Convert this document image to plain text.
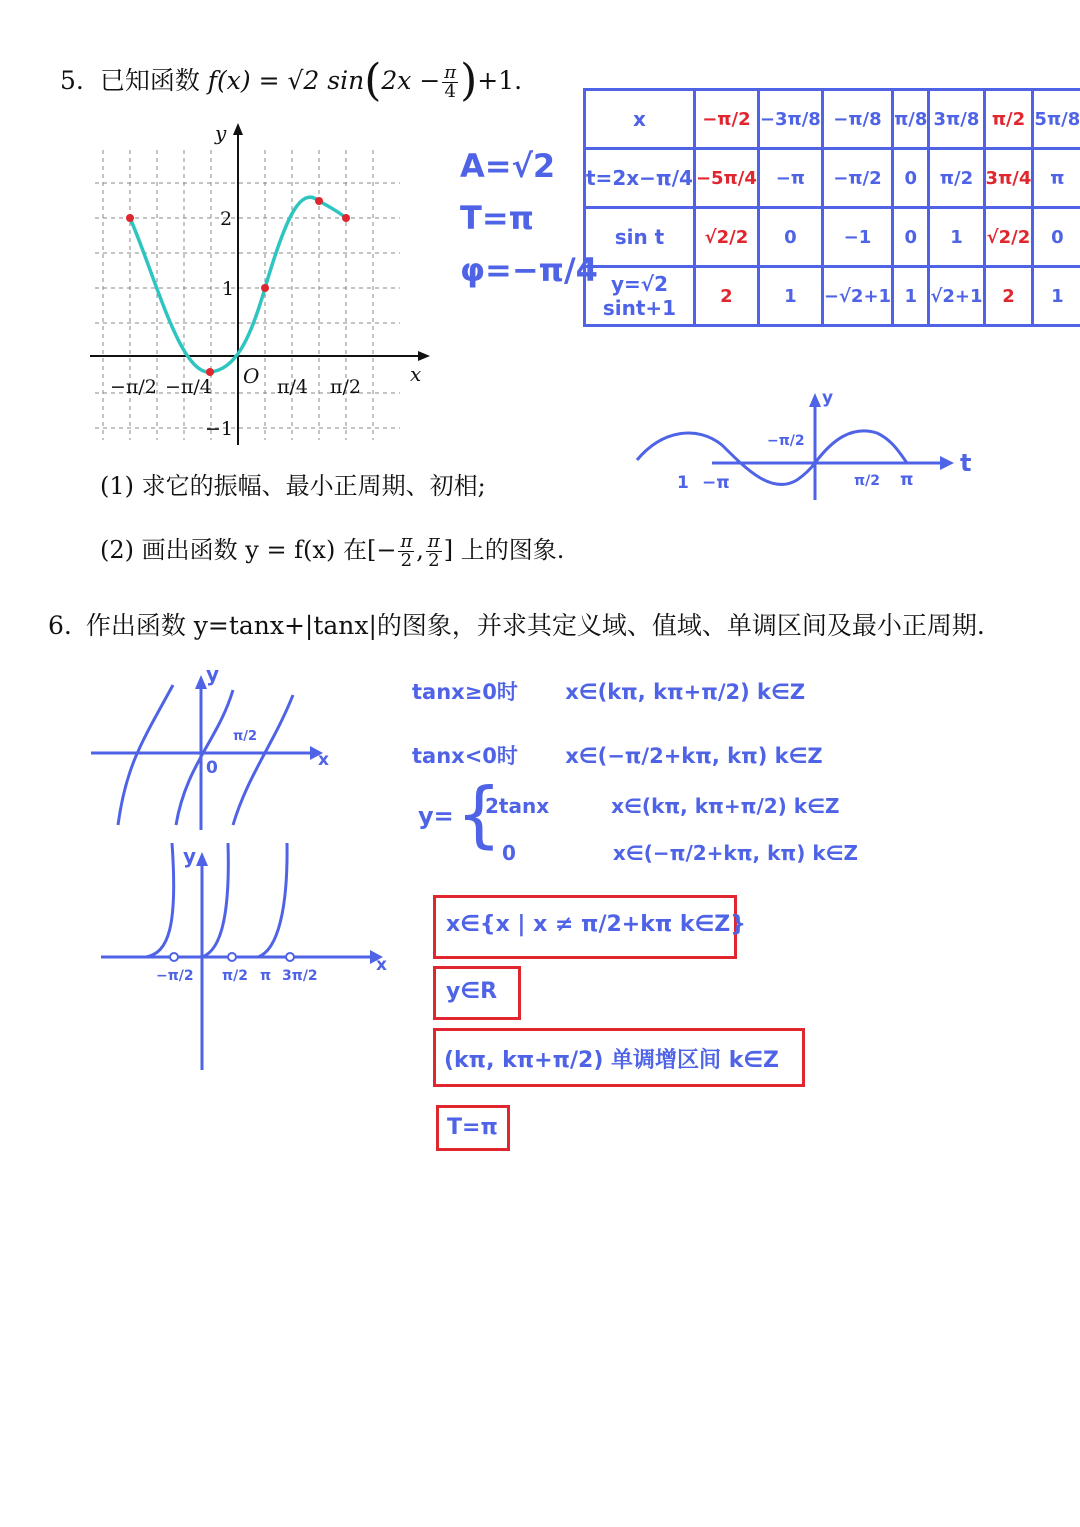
5. 已知函数 f(x) = √2 $\sin(2x - \frac{\pi}{4} )+1$.
y
x
O
2
1
−1
−π/2 −π/4	π/4 π/2
A=√2
T=π
φ=−π/4
x	−π/2	−3π/8	−π/8	π/8	3π/8	π/2	5π/8
t=2x−π/4	−5π/4	−π	−π/2	0	π/2	3π/4	π
sin t	√2/2	0	−1	0	1	√2/2	0
y=√2 sint+1	2	1	−√2+1	1	√2+1	2	1
y
t
−π/2
1 −π	π/2 π
(1) 求它的振幅、最小正周期、初相;
(2) 画出函数 y = f(x) 在[− $\frac{\pi}{2}$ , $\frac{\pi}{2}$ ] 上的图象.
6. 作出函数 y=tanx+|tanx|的图象，并求其定义域、值域、单调区间及最小正周期.
y
x
0
π/2
y
x
−π/2 π/2 π 3π/2
tanx≥0时 x∈(kπ, kπ+π/2) k∈Z
tanx<0时 x∈(−π/2+kπ, kπ) k∈Z
y= {
2tanx	x∈(kπ, kπ+π/2) k∈Z
0	x∈(−π/2+kπ, kπ) k∈Z
x∈{x | x ≠ π/2+kπ k∈Z}
y∈R
(kπ, kπ+π/2) 单调增区间 k∈Z
T=π
